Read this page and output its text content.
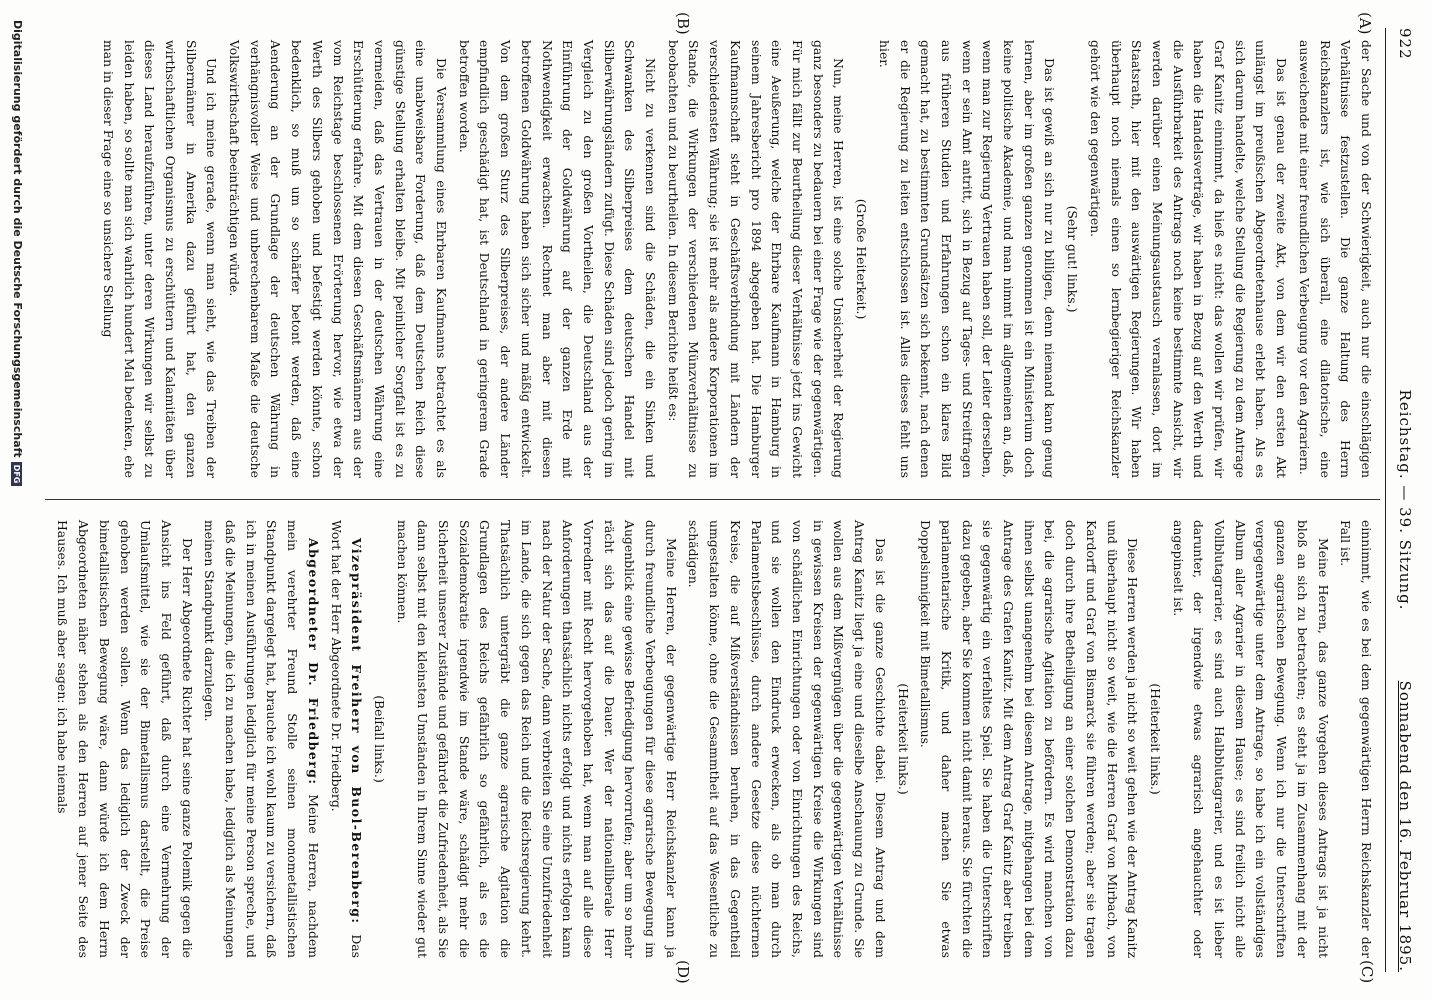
922
Reichstag. — 39. Sitzung.
Sonnabend den 16. Februar 1895.
(A)
(B)
(C)
(D)

der Sache und von der Schwierigkeit, auch nur die einschlägigen Verhältnisse festzustellen. Die ganze Haltung des Herrn Reichskanzlers ist, wie sich überall, eine dilatorische, eine ausweichende mit einer freundlichen Verbeugung vor den Agrariern.

Das ist genau der zweite Akt, von dem wir den ersten Akt unlängst im preußischen Abgeordnetenhause erlebt haben. Als es sich darum handelte, welche Stellung die Regierung zu dem Antrage Graf Kanitz einnimmt, da hieß es nicht: das wollen wir prüfen, wir haben die Handelsverträge, wir haben in Bezug auf den Werth und die Ausführbarkeit des Antrags noch keine bestimmte Ansicht, wir werden darüber einen Meinungsaustausch veranlassen, dort im Staatsrath, hier mit den auswärtigen Regierungen. Wir haben überhaupt noch niemals einen so lernbegieriger Reichskanzler gehört wie den gegenwärtigen.

(Sehr gut! links.)

Das ist gewiß an sich nur zu billigen, denn niemand kann genug lernen, aber im großen ganzen genommen ist ein Ministerium doch keine politische Akademie, und man nimmt im allgemeinen an, daß, wenn man zur Regierung Vertrauen haben soll, der Leiter derselben, wenn er sein Amt antritt, sich in Bezug auf Tages- und Streitfragen aus früheren Studien und Erfahrungen schon ein klares Bild gemacht hat, zu bestimmten Grundsätzen sich bekennt, nach denen er die Regierung zu leiten entschlossen ist. Alles dieses fehlt uns hier.

(Große Heiterkeit.)

Nun, meine Herren, ist eine solche Unsicherheit der Regierung ganz besonders zu bedauern bei einer Frage wie der gegenwärtigen. Für mich fällt zur Beurtheilung dieser Verhältnisse jetzt ins Gewicht eine Aeußerung, welche der Ehrbare Kaufmann in Hamburg in seinem Jahresbericht pro 1894 abgegeben hat. Die Hamburger Kaufmannschaft steht in Geschäftsverbindung mit Ländern der verschiedensten Währung; sie ist mehr als andere Korporationen im Stande, die Wirkungen der verschiedenen Münzverhältnisse zu beobachten und zu beurtheilen. In diesem Berichte heißt es:

Nicht zu verkennen sind die Schäden, die ein Sinken und Schwanken des Silberpreises dem deutschen Handel mit Silberwährungsländern zufügt. Diese Schäden sind jedoch gering im Vergleich zu den großen Vortheilen, die Deutschland aus der Einführung der Goldwährung auf der ganzen Erde mit Nothwendigkeit erwachsen. Rechnet man aber mit diesen betroffenen Goldwährung haben sich sicher und mäßig entwickelt. Von dem großen Sturz des Silberpreises, der andere Länder empfindlich geschädigt hat, ist Deutschland in geringerem Grade betroffen worden.

Die Versammlung eines Ehrbaren Kaufmanns betrachtet es als eine unabweisbare Forderung, daß dem Deutschen Reich diese günstige Stellung erhalten bleibe. Mit peinlicher Sorgfalt ist es zu vermeiden, daß das Vertrauen in der deutschen Währung eine Erschütterung erfahre. Mit dem diesen Geschäftsmännern aus der vom Reichstage beschlossenen Erörterung hervor, wie etwa der Werth des Silbers gehoben und befestigt werden könnte, schon bedenklich, so muß um so schärfer betont werden, daß eine Aenderung an der Grundlage der deutschen Währung in verhängnisvoller Weise und unberechenbarem Maße die deutsche Volkswirthschaft beeinträchtigen würde.

Und ich meine gerade, wenn man sieht, wie das Treiben der Silbermänner in Amerika dazu geführt hat, den ganzen wirthschaftlichen Organismus zu erschüttern und Kalamitäten über dieses Land heraufzuführen, unter deren Wirkungen wir selbst zu leiden haben, so sollte man sich wahrlich hundert Mal bedenken, ehe man in dieser Frage eine so unsichere Stellung

einnimmt, wie es bei dem gegenwärtigen Herrn Reichskanzler der Fall ist.

Meine Herren, das ganze Vorgehen dieses Antrags ist ja nicht bloß an sich zu betrachten; es steht ja im Zusammenhang mit der ganzen agrarischen Bewegung. Wenn ich nur die Unterschriften vergegenwärtige unter dem Antrage, so habe ich ein vollständiges Album aller Agrarier in diesem Hause; es sind freilich nicht alle Vollblutagrarier, es sind auch Halbblutagrarier, und es ist lieber darunter, der irgendwie etwas agrarisch angehauchter oder angepinselt ist.

(Heiterkeit links.)

Diese Herren werden ja nicht so weit gehen wie der Antrag Kanitz und überhaupt nicht so weit, wie die Herren Graf von Mirbach, von Kardorff und Graf von Bismarck sie führen werden; aber sie tragen doch durch ihre Betheiligung an einer solchen Demonstration dazu bei, die agrarische Agitation zu befördern. Es wird manchen von ihnen selbst unangenehm bei diesem Antrage, mitgehangen bei dem Antrage des Grafen Kanitz. Mit dem Antrag Graf Kanitz aber treiben sie gegenwärtig ein verfehltes Spiel. Sie haben die Unterschriften dazu gegeben, aber Sie kommen nicht damit heraus. Sie fürchten die parlamentarische Kritik, und daher machen Sie etwas Doppelsinnigkeit mit Bimetallismus.

(Heiterkeit links.)

Das ist die ganze Geschichte dabei. Diesem Antrag und dem Antrag Kanitz liegt ja eine und dieselbe Anschauung zu Grunde. Sie wollen aus dem Mißvergnügen über die gegenwärtigen Verhältnisse in gewissen Kreisen der gegenwärtigen Kreise die Wirkungen sind von schädlichen Einrichtungen oder von Einrichtungen des Reichs, und sie wollen den Eindruck erwecken, als ob man durch Parlamentsbeschlüsse, durch andere Gesetze diese nüchternen Kreise, die auf Mißverständnissen beruhen, in das Gegentheil umgestalten könne, ohne die Gesammtheit auf das Wesentliche zu schädigen.

Meine Herren, der gegenwärtige Herr Reichskanzler kann ja durch freundliche Verbeugungen für diese agrarische Bewegung im Augenblick eine gewisse Befriedigung hervorrufen; aber um so mehr rächt sich das auf die Dauer. Wer der nationalliberale Herr Vorredner mit Recht hervorgehoben hat, wenn man auf alle diese Anforderungen thatsächlich nichts erfolgt und nichts erfolgen kann nach der Natur der Sache, dann verbreiten Sie eine Unzufriedenheit im Lande, die sich gegen das Reich und die Reichsregierung kehrt. Thatsächlich untergräbt die ganze agrarische Agitation die Grundlagen des Reichs gefährlich so gefährlich, als es die Sozialdemokratie irgendwie im Stande wäre, schädigt mehr die Sicherheit unserer Zustände und gefährdet die Zufriedenheit, als Sie dann selbst mit den kleinsten Umständen in Ihrem Sinne wieder gut machen können.

(Beifall links.)

Vizepräsident Freiherr von Buol-Berenberg: Das Wort hat der Herr Abgeordnete Dr. Friedberg.

Abgeordneter Dr. Friedberg: Meine Herren, nachdem mein verehrter Freund Stolle seinen monometallistischen Standpunkt dargelegt hat, brauche ich wohl kaum zu versichern, daß ich in meinen Ausführungen lediglich für meine Person spreche, und daß die Meinungen, die ich zu machen habe, lediglich als Meinungen meinen Standpunkt darzulegen.

Der Herr Abgeordnete Richter hat seine ganze Polemik gegen die Ansicht ins Feld geführt, daß durch eine Vermehrung der Umlaufsmittel, wie sie der Bimetallismus darstellt, die Preise gehoben werden sollen. Wenn das lediglich der Zweck der bimetallistischen Bewegung wäre, dann würde ich dem Herrn Abgeordneten näher stehen als den Herren auf jener Seite des Hauses. Ich muß aber sagen: ich habe niemals

Digitalisierung gefördert durch die Deutsche ForschungsgemeinschaftDFG
